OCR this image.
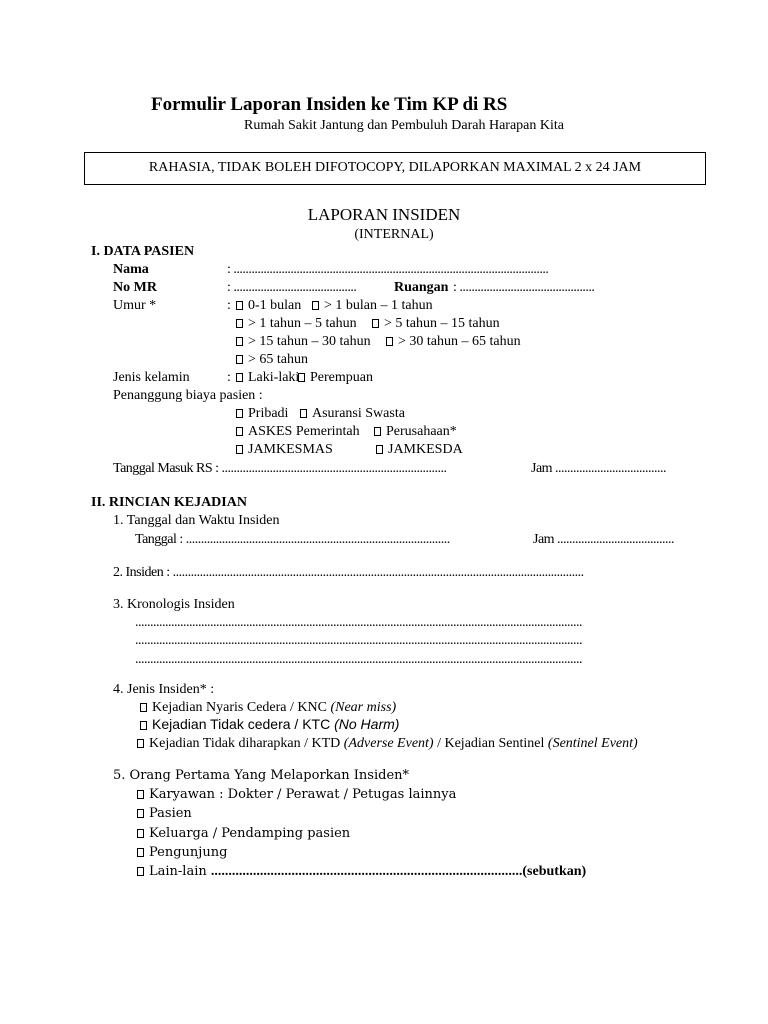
Formulir Laporan Insiden ke Tim KP di RS
Rumah Sakit Jantung dan Pembuluh Darah Harapan Kita
RAHASIA, TIDAK BOLEH DIFOTOCOPY, DILAPORKAN MAXIMAL 2 x 24 JAM
LAPORAN INSIDEN
(INTERNAL)
I. DATA PASIEN
Nama	: .........................................................................................................
No MR	: .........................................	Ruangan : .............................................
Umur *	:	0-1 bulan	> 1 bulan – 1 tahun
> 1 tahun – 5 tahun	> 5 tahun – 15 tahun
> 15 tahun – 30 tahun	> 30 tahun – 65 tahun
> 65 tahun
Jenis kelamin	:	Laki-laki Perempuan
Penanggung biaya pasien :
Pribadi	Asuransi Swasta
ASKES Pemerintah	Perusahaan*
JAMKESMAS	JAMKESDA
Tanggal Masuk RS : ...........................................................................	Jam .....................................
II. RINCIAN KEJADIAN
1. Tanggal dan Waktu Insiden
Tanggal : ........................................................................................	Jam .......................................
2. Insiden : .........................................................................................................................................
3. Kronologis Insiden
.....................................................................................................................................................
.....................................................................................................................................................
.....................................................................................................................................................
4. Jenis Insiden* :
Kejadian Nyaris Cedera / KNC (Near miss)
Kejadian Tidak cedera / KTC (No Harm)
Kejadian Tidak diharapkan / KTD (Adverse Event) / Kejadian Sentinel (Sentinel Event)
5. Orang Pertama Yang Melaporkan Insiden*
Karyawan : Dokter / Perawat / Petugas lainnya
Pasien
Keluarga / Pendamping pasien
Pengunjung
Lain-lain .........................................................................................(sebutkan)
